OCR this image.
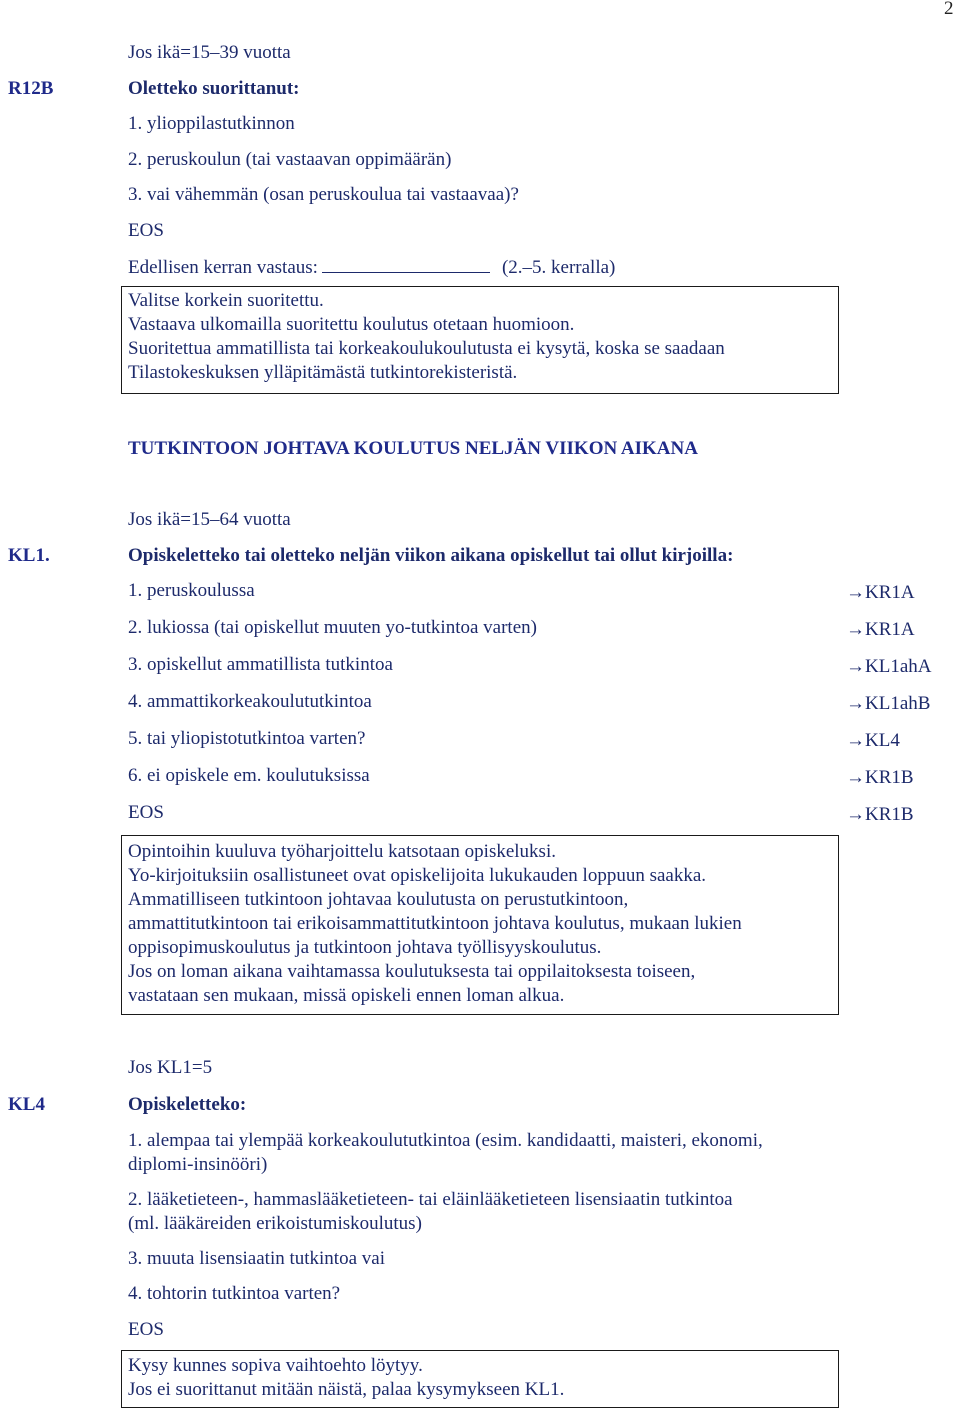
2
Jos ikä=15–39 vuotta
R12B	Oletteko suorittanut:
1. ylioppilastutkinnon
2. peruskoulun (tai vastaavan oppimäärän)
3. vai vähemmän (osan peruskoulua tai vastaavaa)?
EOS
Edellisen kerran vastaus:	(2.–5. kerralla)
Valitse korkein suoritettu.
Vastaava ulkomailla suoritettu koulutus otetaan huomioon.
Suoritettua ammatillista tai korkeakoulukoulutusta ei kysytä, koska se saadaan
Tilastokeskuksen ylläpitämästä tutkintorekisteristä.
TUTKINTOON JOHTAVA KOULUTUS NELJÄN VIIKON AIKANA
Jos ikä=15–64 vuotta
KL1.	Opiskeletteko tai oletteko neljän viikon aikana opiskellut tai ollut kirjoilla:
1. peruskoulussa	→KR1A
2. lukiossa (tai opiskellut muuten yo-tutkintoa varten)	→KR1A
3. opiskellut ammatillista tutkintoa	→KL1ahA
4. ammattikorkeakoulututkintoa	→KL1ahB
5. tai yliopistotutkintoa varten?	→KL4
6. ei opiskele em. koulutuksissa	→KR1B
EOS	→KR1B
Opintoihin kuuluva työharjoittelu katsotaan opiskeluksi.
Yo-kirjoituksiin osallistuneet ovat opiskelijoita lukukauden loppuun saakka.
Ammatilliseen tutkintoon johtavaa koulutusta on perustutkintoon,
ammattitutkintoon tai erikoisammattitutkintoon johtava koulutus, mukaan lukien
oppisopimuskoulutus ja tutkintoon johtava työllisyyskoulutus.
Jos on loman aikana vaihtamassa koulutuksesta tai oppilaitoksesta toiseen,
vastataan sen mukaan, missä opiskeli ennen loman alkua.
Jos KL1=5
KL4	Opiskeletteko:
1. alempaa tai ylempää korkeakoulututkintoa (esim. kandidaatti, maisteri, ekonomi,
diplomi-insinööri)
2. lääketieteen-, hammaslääketieteen- tai eläinlääketieteen lisensiaatin tutkintoa
(ml. lääkäreiden erikoistumiskoulutus)
3. muuta lisensiaatin tutkintoa vai
4. tohtorin tutkintoa varten?
EOS
Kysy kunnes sopiva vaihtoehto löytyy.
Jos ei suorittanut mitään näistä, palaa kysymykseen KL1.
